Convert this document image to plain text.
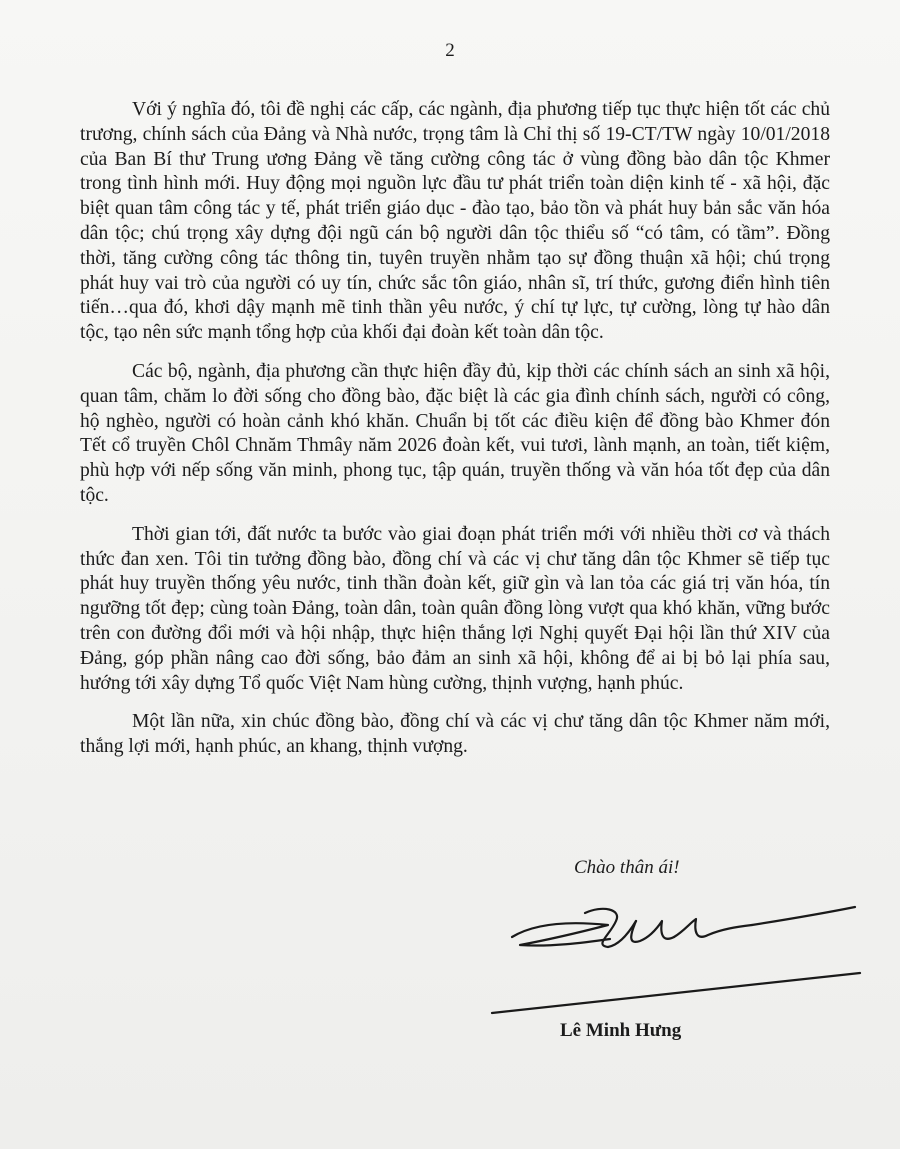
2

Với ý nghĩa đó, tôi đề nghị các cấp, các ngành, địa phương tiếp tục thực hiện tốt các chủ trương, chính sách của Đảng và Nhà nước, trọng tâm là Chỉ thị số 19-CT/TW ngày 10/01/2018 của Ban Bí thư Trung ương Đảng về tăng cường công tác ở vùng đồng bào dân tộc Khmer trong tình hình mới. Huy động mọi nguồn lực đầu tư phát triển toàn diện kinh tế - xã hội, đặc biệt quan tâm công tác y tế, phát triển giáo dục - đào tạo, bảo tồn và phát huy bản sắc văn hóa dân tộc; chú trọng xây dựng đội ngũ cán bộ người dân tộc thiểu số “có tâm, có tầm”. Đồng thời, tăng cường công tác thông tin, tuyên truyền nhằm tạo sự đồng thuận xã hội; chú trọng phát huy vai trò của người có uy tín, chức sắc tôn giáo, nhân sĩ, trí thức, gương điển hình tiên tiến…qua đó, khơi dậy mạnh mẽ tinh thần yêu nước, ý chí tự lực, tự cường, lòng tự hào dân tộc, tạo nên sức mạnh tổng hợp của khối đại đoàn kết toàn dân tộc.

Các bộ, ngành, địa phương cần thực hiện đầy đủ, kịp thời các chính sách an sinh xã hội, quan tâm, chăm lo đời sống cho đồng bào, đặc biệt là các gia đình chính sách, người có công, hộ nghèo, người có hoàn cảnh khó khăn. Chuẩn bị tốt các điều kiện để đồng bào Khmer đón Tết cổ truyền Chôl Chnăm Thmây năm 2026 đoàn kết, vui tươi, lành mạnh, an toàn, tiết kiệm, phù hợp với nếp sống văn minh, phong tục, tập quán, truyền thống và văn hóa tốt đẹp của dân tộc.

Thời gian tới, đất nước ta bước vào giai đoạn phát triển mới với nhiều thời cơ và thách thức đan xen. Tôi tin tưởng đồng bào, đồng chí và các vị chư tăng dân tộc Khmer sẽ tiếp tục phát huy truyền thống yêu nước, tinh thần đoàn kết, giữ gìn và lan tỏa các giá trị văn hóa, tín ngưỡng tốt đẹp; cùng toàn Đảng, toàn dân, toàn quân đồng lòng vượt qua khó khăn, vững bước trên con đường đổi mới và hội nhập, thực hiện thắng lợi Nghị quyết Đại hội lần thứ XIV của Đảng, góp phần nâng cao đời sống, bảo đảm an sinh xã hội, không để ai bị bỏ lại phía sau, hướng tới xây dựng Tổ quốc Việt Nam hùng cường, thịnh vượng, hạnh phúc.

Một lần nữa, xin chúc đồng bào, đồng chí và các vị chư tăng dân tộc Khmer năm mới, thắng lợi mới, hạnh phúc, an khang, thịnh vượng.

Chào thân ái!
Lê Minh Hưng
